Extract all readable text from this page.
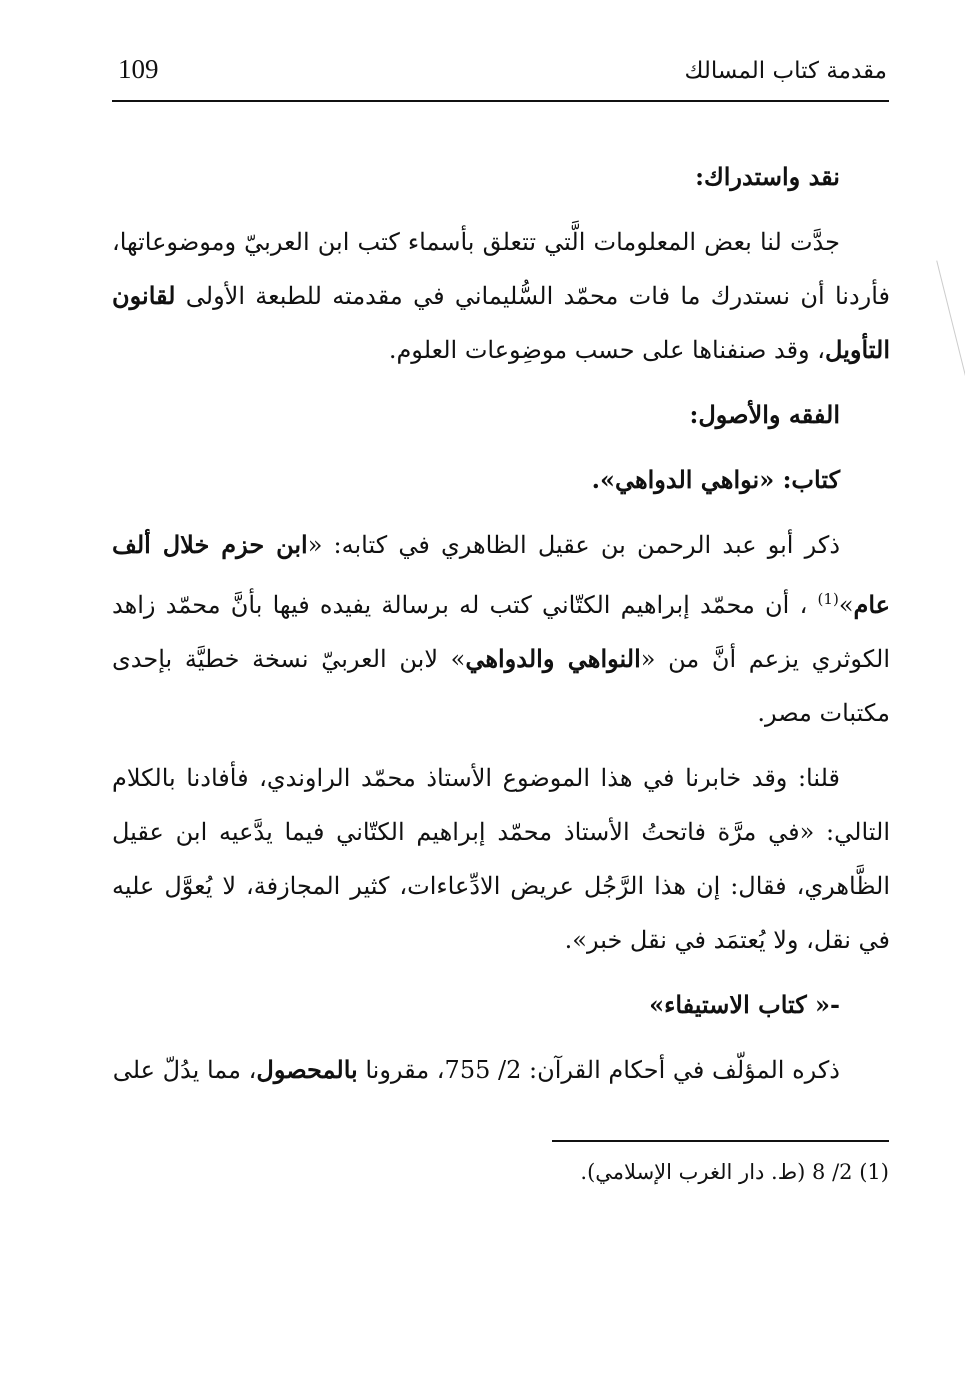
109	مقدمة كتاب المسالك

نقد واستدراك:

جدَّت لنا بعض المعلومات الَّتي تتعلق بأسماء كتب ابن العربيّ وموضوعاتها، فأردنا أن نستدرك ما فات محمّد السُّليماني في مقدمته للطبعة الأولى لقانون التأويل، وقد صنفناها على حسب موضِوعات العلوم.

الفقه والأصول:

كتاب: «نواهي الدواهي».

ذكر أبو عبد الرحمن بن عقيل الظاهري في كتابه: «ابن حزم خلال ألف عام»$^{(1)}$ ، أن محمّد إبراهيم الكتّاني كتب له برسالة يفيده فيها بأنَّ محمّد زاهد الكوثري يزعم أنَّ من «النواهي والدواهي» لابن العربيّ نسخة خطيَّة بإحدى مكتبات مصر.

قلنا: وقد خابرنا في هذا الموضوع الأستاذ محمّد الراوندي، فأفادنا بالكلام التالي: «في مرَّة فاتحتُ الأستاذ محمّد إبراهيم الكتّاني فيما يدَّعيه ابن عقيل الظَّاهري، فقال: إن هذا الرَّجُل عريض الادِّعاءات، كثير المجازفة، لا يُعوَّل عليه في نقل، ولا يُعتمَد في نقل خبر».

-« كتاب الاستيفاء»

ذكره المؤلّف في أحكام القرآن: 2/ 755، مقرونا بالمحصول، مما يدُلّ على

(1) 2/ 8 (ط. دار الغرب الإسلامي).
